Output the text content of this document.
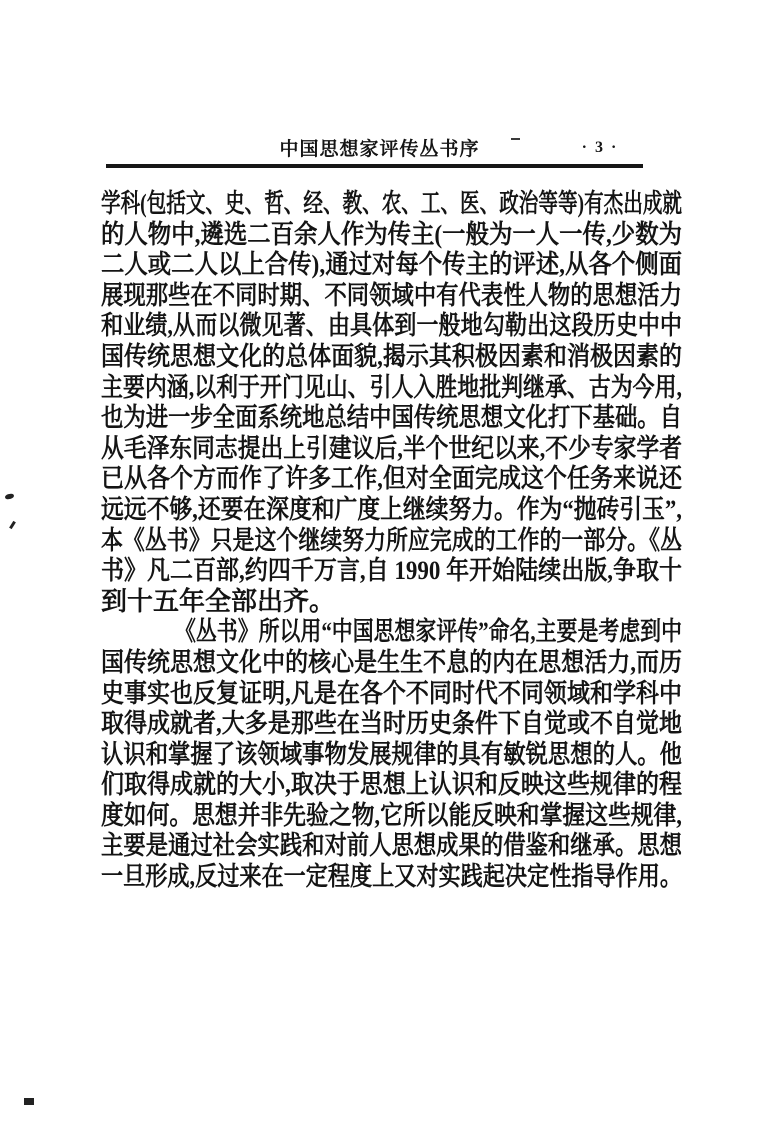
中国思想家评传丛书序	· 3 ·
学科(包括文、史、哲、经、教、农、工、医、政治等等)有杰出成就
的人物中,遴选二百余人作为传主(一般为一人一传,少数为
二人或二人以上合传),通过对每个传主的评述,从各个侧面
展现那些在不同时期、不同领域中有代表性人物的思想活力
和业绩,从而以微见著、由具体到一般地勾勒出这段历史中中
国传统思想文化的总体面貌,揭示其积极因素和消极因素的
主要内涵,以利于开门见山、引人入胜地批判继承、古为今用,
也为进一步全面系统地总结中国传统思想文化打下基础。自
从毛泽东同志提出上引建议后,半个世纪以来,不少专家学者
已从各个方而作了许多工作,但对全面完成这个任务来说还
远远不够,还要在深度和广度上继续努力。作为“抛砖引玉”,
本《丛书》只是这个继续努力所应完成的工作的一部分。《丛
书》凡二百部,约四千万言,自 1990 年开始陆续出版,争取十
到十五年全部出齐。
《丛书》所以用“中国思想家评传”命名,主要是考虑到中
国传统思想文化中的核心是生生不息的内在思想活力,而历
史事实也反复证明,凡是在各个不同时代不同领域和学科中
取得成就者,大多是那些在当时历史条件下自觉或不自觉地
认识和掌握了该领域事物发展规律的具有敏锐思想的人。他
们取得成就的大小,取决于思想上认识和反映这些规律的程
度如何。思想并非先验之物,它所以能反映和掌握这些规律,
主要是通过社会实践和对前人思想成果的借鉴和继承。思想
一旦形成,反过来在一定程度上又对实践起决定性指导作用。
